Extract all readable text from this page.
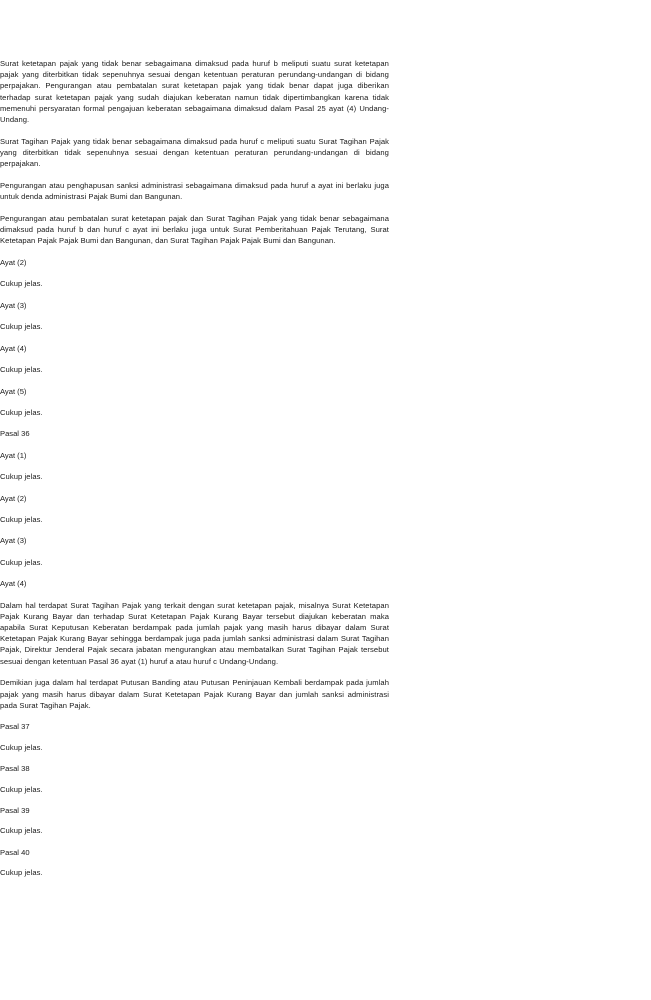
Surat ketetapan pajak yang tidak benar sebagaimana dimaksud pada huruf b meliputi suatu surat ketetapan pajak yang diterbitkan tidak sepenuhnya sesuai dengan ketentuan peraturan perundang-undangan di bidang perpajakan. Pengurangan atau pembatalan surat ketetapan pajak yang tidak benar dapat juga diberikan terhadap surat ketetapan pajak yang sudah diajukan keberatan namun tidak dipertimbangkan karena tidak memenuhi persyaratan formal pengajuan keberatan sebagaimana dimaksud dalam Pasal 25 ayat (4) Undang-Undang.

Surat Tagihan Pajak yang tidak benar sebagaimana dimaksud pada huruf c meliputi suatu Surat Tagihan Pajak yang diterbitkan tidak sepenuhnya sesuai dengan ketentuan peraturan perundang-undangan di bidang perpajakan.

Pengurangan atau penghapusan sanksi administrasi sebagaimana dimaksud pada huruf a ayat ini berlaku juga untuk denda administrasi Pajak Bumi dan Bangunan.

Pengurangan atau pembatalan surat ketetapan pajak dan Surat Tagihan Pajak yang tidak benar sebagaimana dimaksud pada huruf b dan huruf c ayat ini berlaku juga untuk Surat Pemberitahuan Pajak Terutang, Surat Ketetapan Pajak Pajak Bumi dan Bangunan, dan Surat Tagihan Pajak Pajak Bumi dan Bangunan.

Ayat (2)

Cukup jelas.

Ayat (3)

Cukup jelas.

Ayat (4)

Cukup jelas.

Ayat (5)

Cukup jelas.

Pasal 36

Ayat (1)

Cukup jelas.

Ayat (2)

Cukup jelas.

Ayat (3)

Cukup jelas.

Ayat (4)

Dalam hal terdapat Surat Tagihan Pajak yang terkait dengan surat ketetapan pajak, misalnya Surat Ketetapan Pajak Kurang Bayar dan terhadap Surat Ketetapan Pajak Kurang Bayar tersebut diajukan keberatan maka apabila Surat Keputusan Keberatan berdampak pada jumlah pajak yang masih harus dibayar dalam Surat Ketetapan Pajak Kurang Bayar sehingga berdampak juga pada jumlah sanksi administrasi dalam Surat Tagihan Pajak, Direktur Jenderal Pajak secara jabatan mengurangkan atau membatalkan Surat Tagihan Pajak tersebut sesuai dengan ketentuan Pasal 36 ayat (1) huruf a atau huruf c Undang-Undang.

Demikian juga dalam hal terdapat Putusan Banding atau Putusan Peninjauan Kembali berdampak pada jumlah pajak yang masih harus dibayar dalam Surat Ketetapan Pajak Kurang Bayar dan jumlah sanksi administrasi pada Surat Tagihan Pajak.

Pasal 37

Cukup jelas.

Pasal 38

Cukup jelas.

Pasal 39

Cukup jelas.

Pasal 40

Cukup jelas.
